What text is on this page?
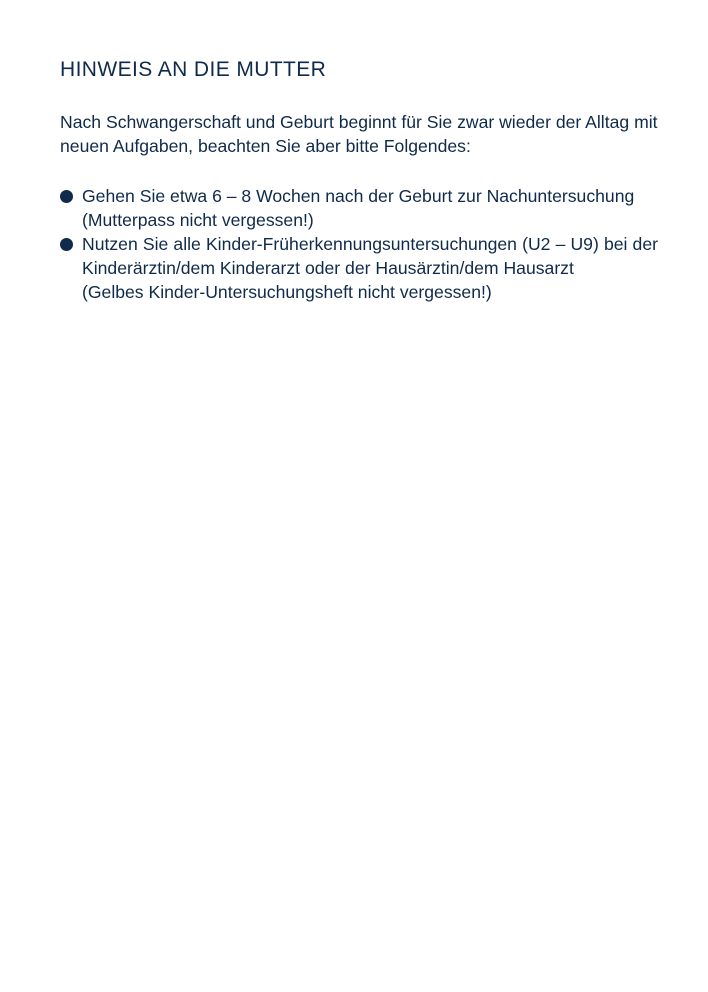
HINWEIS AN DIE MUTTER

Nach Schwangerschaft und Geburt beginnt für Sie zwar wieder der Alltag mit neuen Aufgaben, beachten Sie aber bitte Folgendes:

Gehen Sie etwa 6 – 8 Wochen nach der Geburt zur Nachuntersuchung
(Mutterpass nicht vergessen!)
Nutzen Sie alle Kinder-Früherkennungsuntersuchungen (U2 – U9) bei der Kinderärztin/dem Kinderarzt oder der Hausärztin/dem Hausarzt
(Gelbes Kinder-Untersuchungsheft nicht vergessen!)
